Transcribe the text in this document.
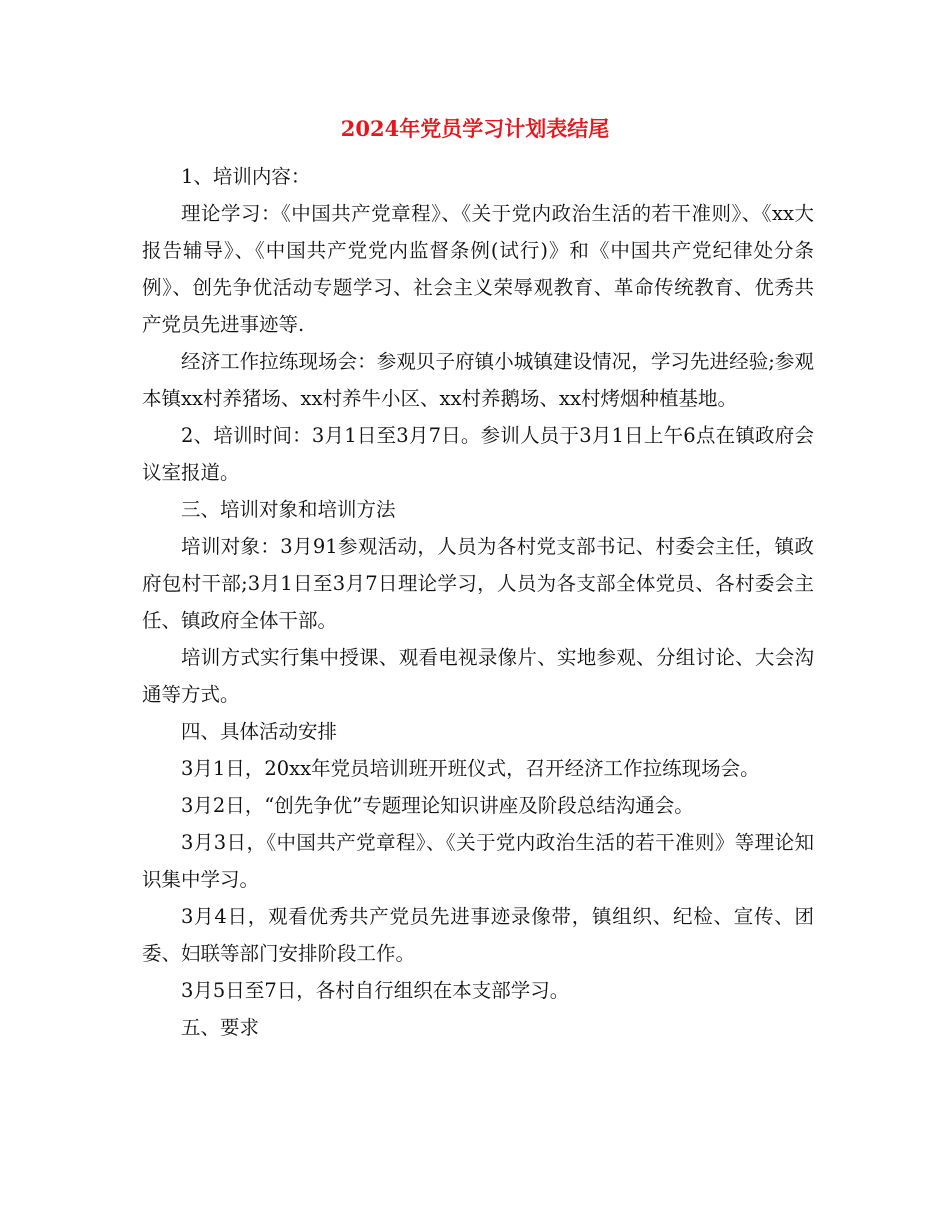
2024年党员学习计划表结尾

1、培训内容：

理论学习：《中国共产党章程》、《关于党内政治生活的若干准则》、《xx大报告辅导》、《中国共产党党内监督条例(试行)》和《中国共产党纪律处分条例》、创先争优活动专题学习、社会主义荣辱观教育、革命传统教育、优秀共产党员先进事迹等.

经济工作拉练现场会：参观贝子府镇小城镇建设情况，学习先进经验;参观本镇xx村养猪场、xx村养牛小区、xx村养鹅场、xx村烤烟种植基地。

2、培训时间：3月1日至3月7日。参训人员于3月1日上午6点在镇政府会议室报道。

三、培训对象和培训方法

培训对象：3月91参观活动，人员为各村党支部书记、村委会主任，镇政府包村干部;3月1日至3月7日理论学习，人员为各支部全体党员、各村委会主任、镇政府全体干部。

培训方式实行集中授课、观看电视录像片、实地参观、分组讨论、大会沟通等方式。

四、具体活动安排

3月1日，20xx年党员培训班开班仪式，召开经济工作拉练现场会。

3月2日，“创先争优”专题理论知识讲座及阶段总结沟通会。

3月3日，《中国共产党章程》、《关于党内政治生活的若干准则》等理论知识集中学习。

3月4日，观看优秀共产党员先进事迹录像带，镇组织、纪检、宣传、团委、妇联等部门安排阶段工作。

3月5日至7日，各村自行组织在本支部学习。

五、要求
